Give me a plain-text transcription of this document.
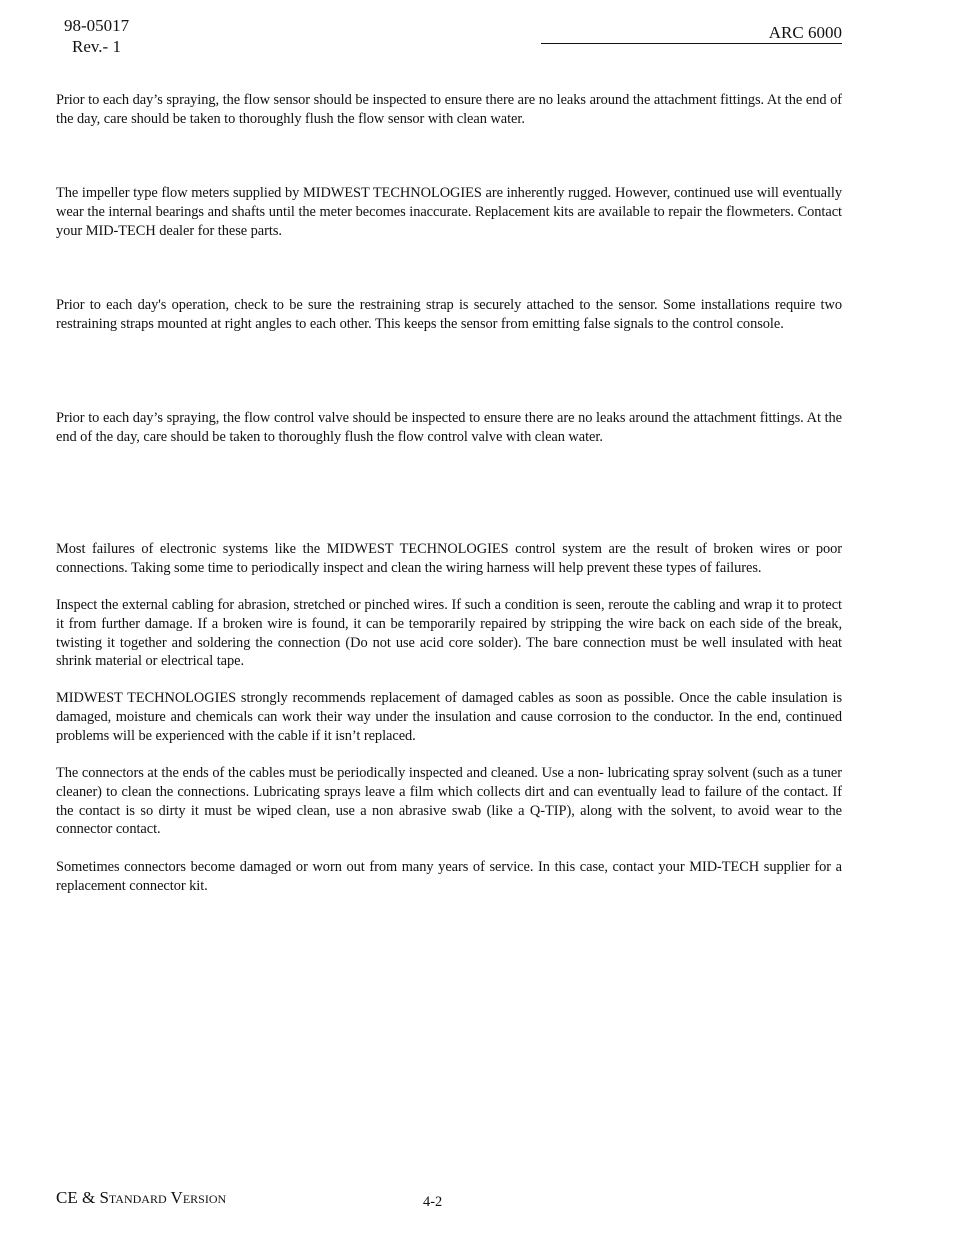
98-05017
Rev.- 1
ARC 6000

Prior to each day’s spraying, the flow sensor should be inspected to ensure there are no leaks around the attachment fittings. At the end of the day, care should be taken to thoroughly flush the flow sensor with clean water.

The impeller type flow meters supplied by MIDWEST TECHNOLOGIES are inherently rugged. However, continued use will eventually wear the internal bearings and shafts until the meter becomes inaccurate. Replacement kits are available to repair the flowmeters. Contact your MID-TECH dealer for these parts.

Prior to each day's operation, check to be sure the restraining strap is securely attached to the sensor. Some installations require two restraining straps mounted at right angles to each other. This keeps the sensor from emitting false signals to the control console.

Prior to each day’s spraying, the flow control valve should be inspected to ensure there are no leaks around the attachment fittings. At the end of the day, care should be taken to thoroughly flush the flow control valve with clean water.

Most failures of electronic systems like the MIDWEST TECHNOLOGIES control system are the result of broken wires or poor connections. Taking some time to periodically inspect and clean the wiring harness will help prevent these types of failures.

Inspect the external cabling for abrasion, stretched or pinched wires. If such a condition is seen, reroute the cabling and wrap it to protect it from further damage. If a broken wire is found, it can be temporarily repaired by stripping the wire back on each side of the break, twisting it together and soldering the connection (Do not use acid core solder). The bare connection must be well insulated with heat shrink material or electrical tape.

MIDWEST TECHNOLOGIES strongly recommends replacement of damaged cables as soon as possible. Once the cable insulation is damaged, moisture and chemicals can work their way under the insulation and cause corrosion to the conductor. In the end, continued problems will be experienced with the cable if it isn’t replaced.

The connectors at the ends of the cables must be periodically inspected and cleaned. Use a non- lubricating spray solvent (such as a tuner cleaner) to clean the connections. Lubricating sprays leave a film which collects dirt and can eventually lead to failure of the contact. If the contact is so dirty it must be wiped clean, use a non abrasive swab (like a Q-TIP), along with the solvent, to avoid wear to the connector contact.

Sometimes connectors become damaged or worn out from many years of service. In this case, contact your MID-TECH supplier for a replacement connector kit.

CE & Standard Version	4-2
